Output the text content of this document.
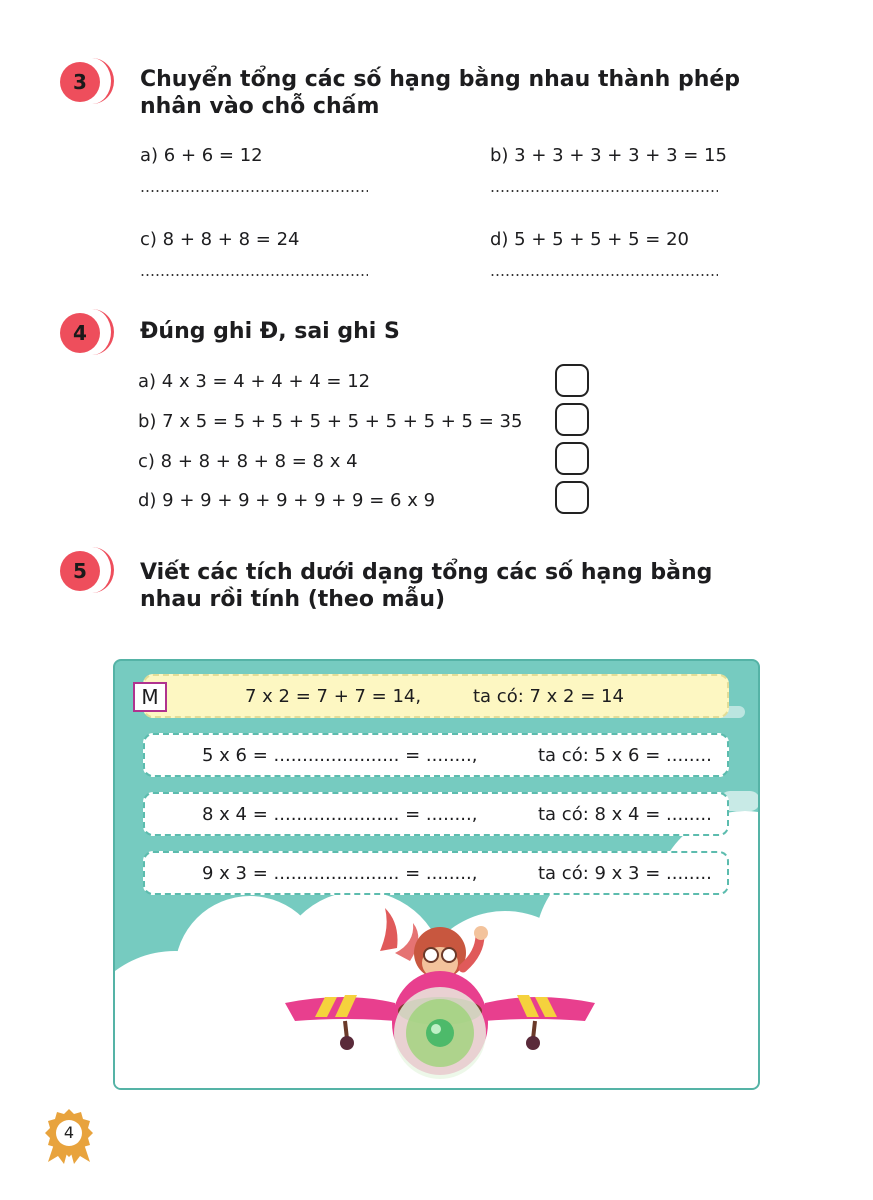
3	Chuyển tổng các số hạng bằng nhau thành phép nhân vào chỗ chấm
a) 6 + 6 = 12	b) 3 + 3 + 3 + 3 + 3 = 15
c) 8 + 8 + 8 = 24	d) 5 + 5 + 5 + 5 = 20
4	Đúng ghi Đ, sai ghi S
a) 4 x 3 = 4 + 4 + 4 = 12
b) 7 x 5 = 5 + 5 + 5 + 5 + 5 + 5 + 5 = 35
c) 8 + 8 + 8 + 8 = 8 x 4
d) 9 + 9 + 9 + 9 + 9 + 9 = 6 x 9
5	Viết các tích dưới dạng tổng các số hạng bằng nhau rồi tính (theo mẫu)
M	7 x 2 = 7 + 7 = 14,	ta có: 7 x 2 = 14
5 x 6 = ...................... = ........,	ta có: 5 x 6 = ........
8 x 4 = ...................... = ........,	ta có: 8 x 4 = ........
9 x 3 = ...................... = ........,	ta có: 9 x 3 = ........
4
